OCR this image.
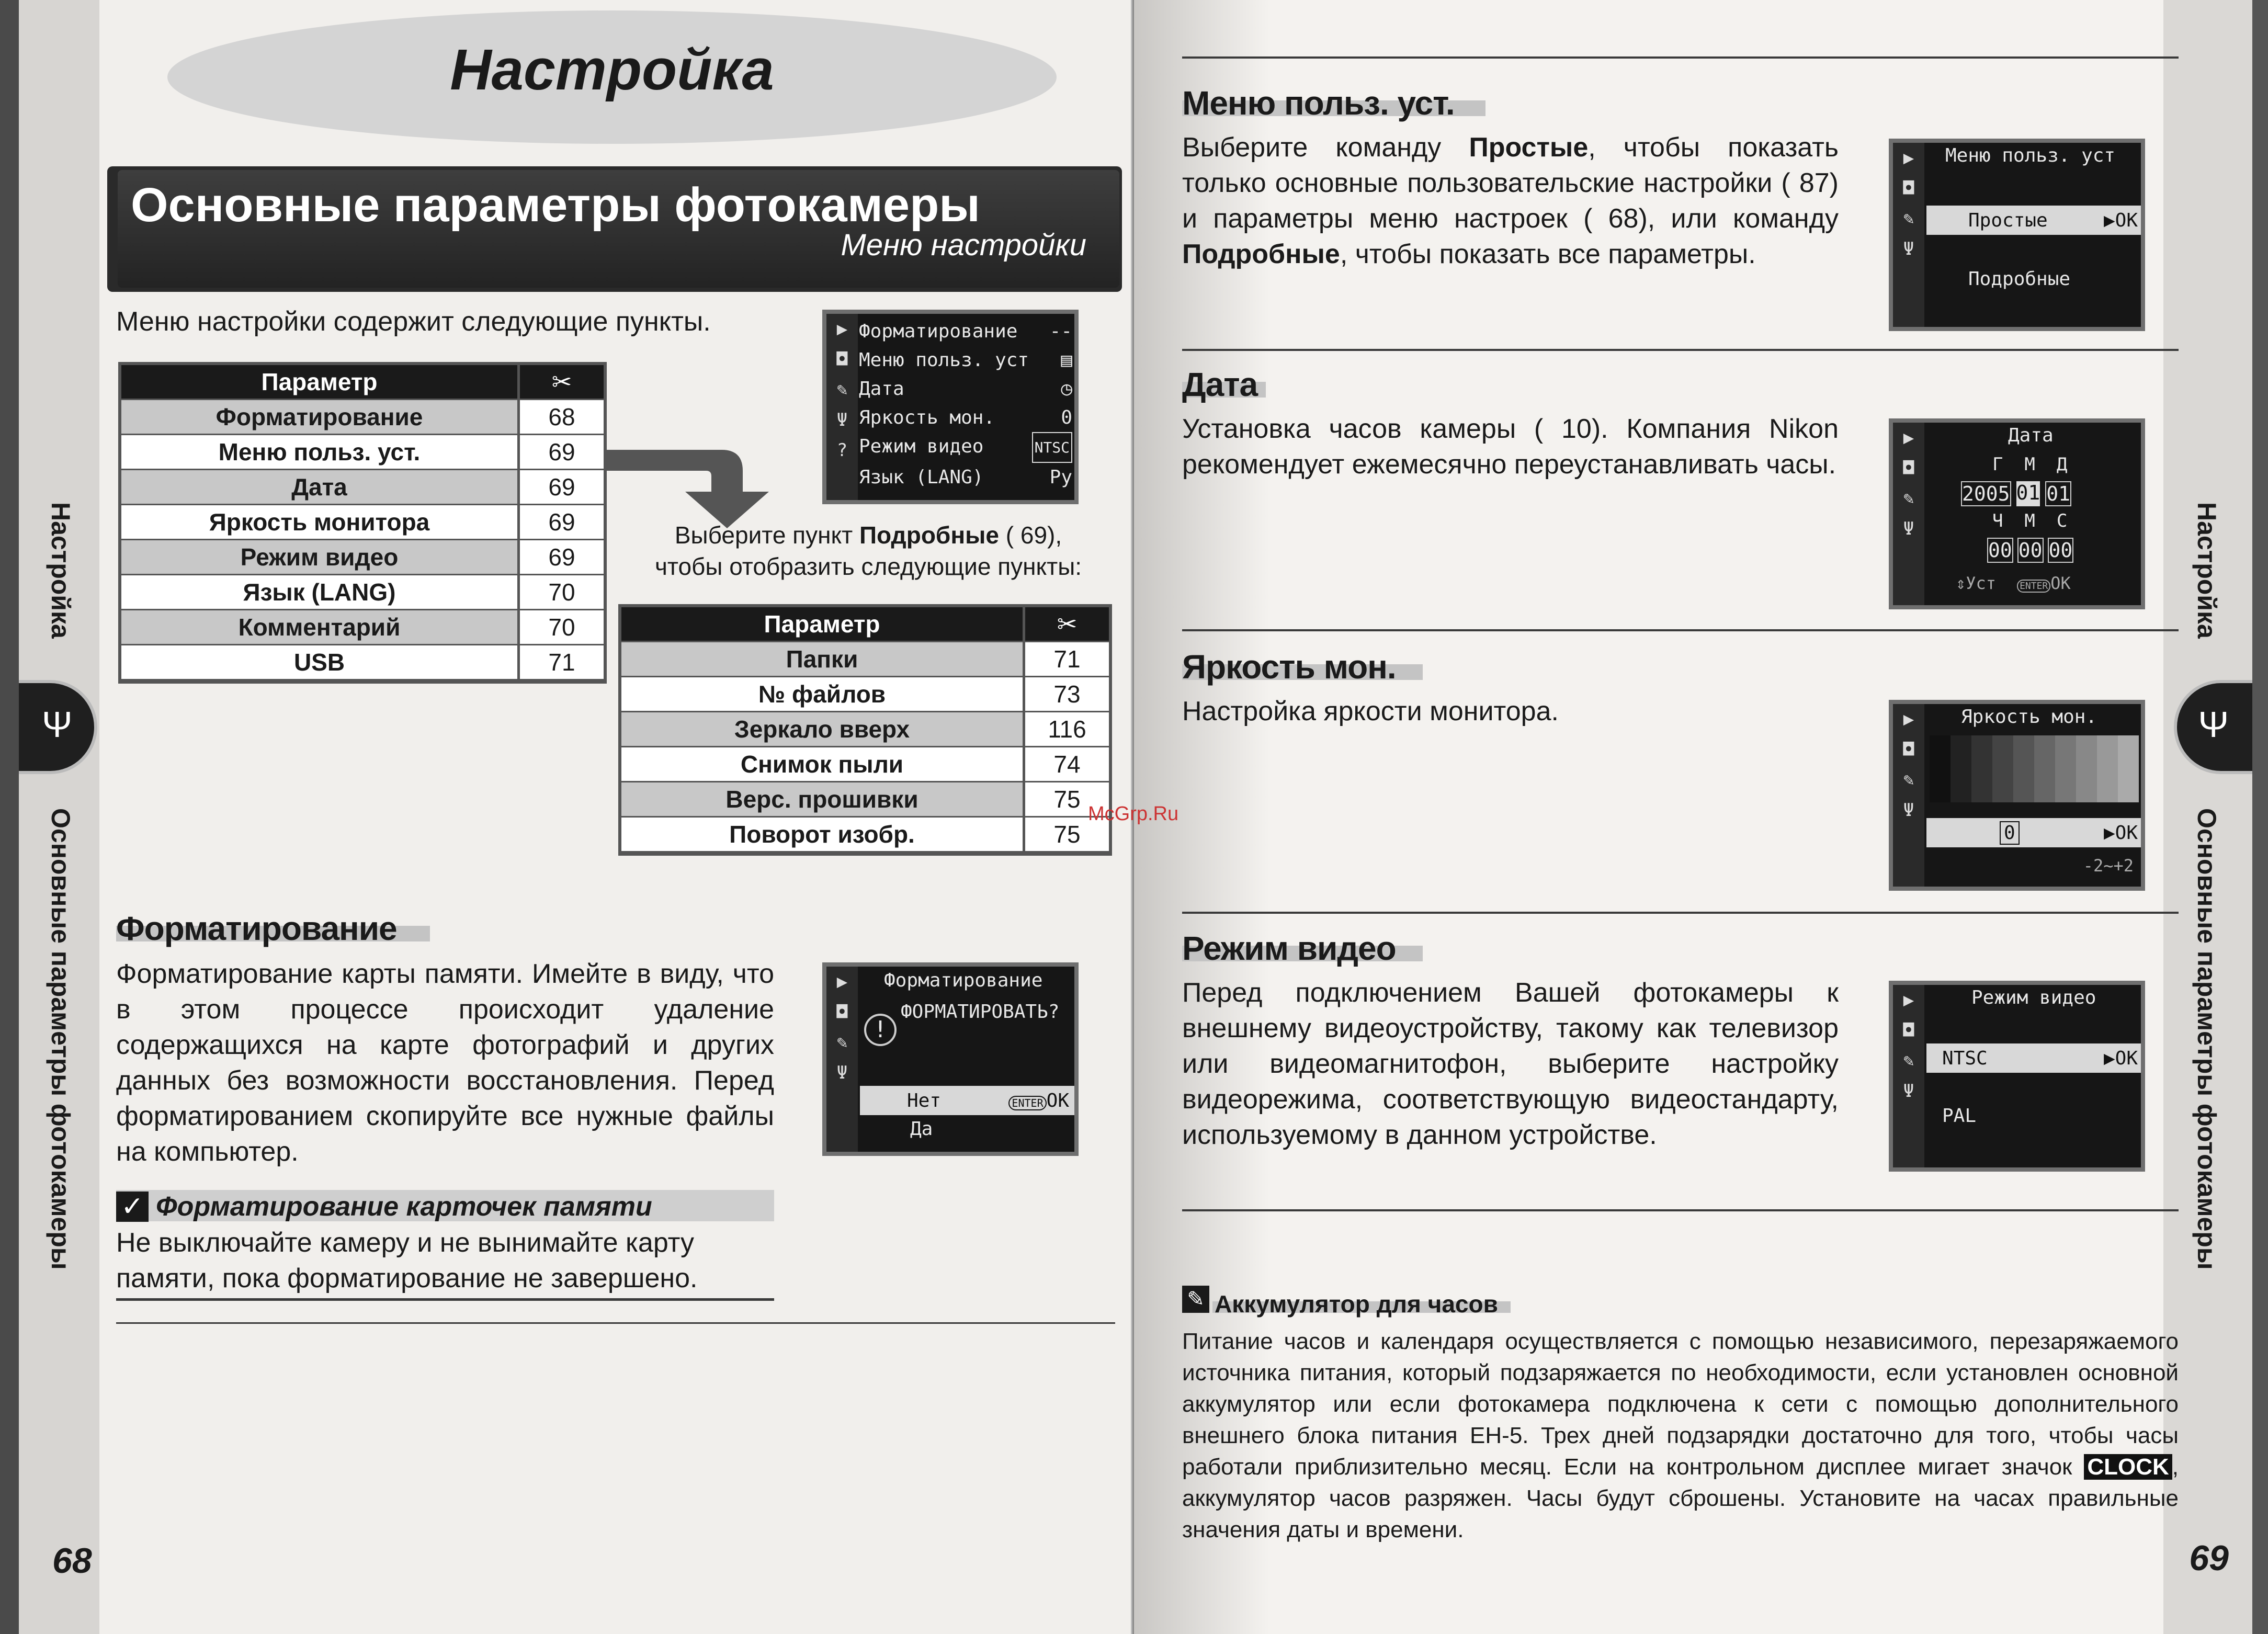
Настройка
Основные параметры фотокамеры
Меню настройки
Меню настройки содержит следующие пункты.
Параметр	✂
Форматирование	68
Меню польз. уст.	69
Дата	69
Яркость монитора	69
Режим видео	69
Язык (LANG)	70
Комментарий	70
USB	71
▶
◘
✎
Ψ
?
Форматирование --
Меню польз. уст ▤
Дата	◷
Яркость мон.	0
Режим видео	NTSC
Язык (LANG)	Ру
Выберите пункт Подробные ( 69),
чтобы отобразить следующие пункты:
Параметр	✂
Папки	71
№ файлов	73
Зеркало вверх	116
Снимок пыли	74
Верс. прошивки	75
Поворот изобр.	75
Форматирование
Форматирование карты памяти. Имейте в виду, что в этом процессе происходит удаление содержащихся на карте фотографий и других данных без возможности восстановления. Перед форматированием скопируйте все нужные файлы на компьютер.
▶
◘
✎
Ψ
Форматирование
!
ФОРМАТИРОВАТЬ?
Нет	ENTER OK
Да
✓ Форматирование карточек памяти
Не выключайте камеру и не вынимайте карту памяти, пока форматирование не завершено.
Настройка
Ψ
Основные параметры фотокамеры
68
Меню польз. уст.
Выберите команду Простые, чтобы показать только основные пользовательские настройки ( 87) и параметры меню настроек ( 68), или команду Подробные, чтобы показать все параметры.
▶
◘
✎
Ψ
Меню польз. уст
Простые	▶OK
Подробные
Дата
Установка часов камеры ( 10). Компания Nikon рекомендует ежемесячно переустанавливать часы.
▶
◘
✎
Ψ
Дата
Г  М  Д
2005 01 01
Ч  М  С
00 00 00
⇕Уст	ENTER OK
Яркость мон.
Настройка яркости монитора.	▶
◘
✎
Ψ
Яркость мон.
0	▶OK
-2~+2
McGrp.Ru
Режим видео
Перед подключением Вашей фотокамеры к внешнему видеоустройству, такому как телевизор или видеомагнитофон, выберите настройку видеорежима, соответствующую видеостандарту, используемому в данном устройстве.
▶
◘
✎
Ψ
Режим видео
NTSC	▶OK
PAL
✎ Аккумулятор для часов
Питание часов и календаря осуществляется с помощью независимого, перезаряжаемого источника питания, который подзаряжается по необходимости, если установлен основной аккумулятор или если фотокамера подключена к сети с помощью дополнительного внешнего блока питания EH-5. Трех дней подзарядки достаточно для того, чтобы часы работали приблизительно месяц. Если на контрольном дисплее мигает значок CLOCK , аккумулятор часов разряжен. Часы будут сброшены. Установите на часах правильные значения даты и времени.
Настройка
Ψ
Основные параметры фотокамеры
69
